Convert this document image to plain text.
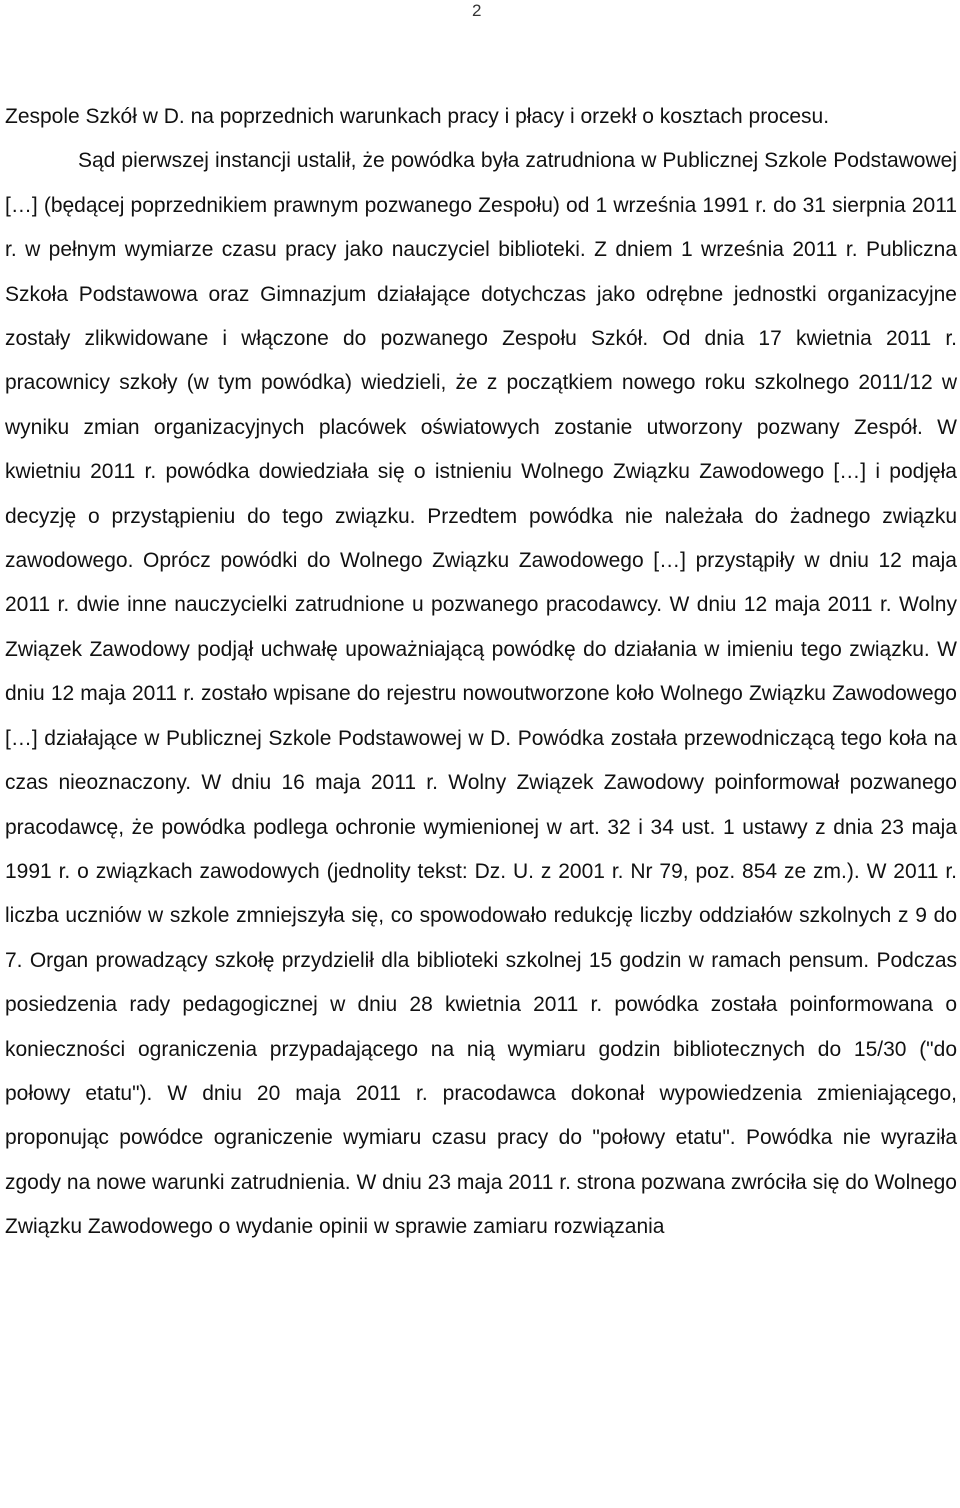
2

Zespole Szkół w D. na poprzednich warunkach pracy i płacy i orzekł o kosztach procesu.

Sąd pierwszej instancji ustalił, że powódka była zatrudniona w Publicznej Szkole Podstawowej […] (będącej poprzednikiem prawnym pozwanego Zespołu) od 1 września 1991 r. do 31 sierpnia 2011 r. w pełnym wymiarze czasu pracy jako nauczyciel biblioteki. Z dniem 1 września 2011 r. Publiczna Szkoła Podstawowa oraz Gimnazjum działające dotychczas jako odrębne jednostki organizacyjne zostały zlikwidowane i włączone do pozwanego Zespołu Szkół. Od dnia 17 kwietnia 2011 r. pracownicy szkoły (w tym powódka) wiedzieli, że z początkiem nowego roku szkolnego 2011/12 w wyniku zmian organizacyjnych placówek oświatowych zostanie utworzony pozwany Zespół. W kwietniu 2011 r. powódka dowiedziała się o istnieniu Wolnego Związku Zawodowego […] i podjęła decyzję o przystąpieniu do tego związku. Przedtem powódka nie należała do żadnego związku zawodowego. Oprócz powódki do Wolnego Związku Zawodowego […] przystąpiły w dniu 12 maja 2011 r. dwie inne nauczycielki zatrudnione u pozwanego pracodawcy. W dniu 12 maja 2011 r. Wolny Związek Zawodowy podjął uchwałę upoważniającą powódkę do działania w imieniu tego związku. W dniu 12 maja 2011 r. zostało wpisane do rejestru nowoutworzone koło Wolnego Związku Zawodowego […] działające w Publicznej Szkole Podstawowej w D. Powódka została przewodniczącą tego koła na czas nieoznaczony. W dniu 16 maja 2011 r. Wolny Związek Zawodowy poinformował pozwanego pracodawcę, że powódka podlega ochronie wymienionej w art. 32 i 34 ust. 1 ustawy z dnia 23 maja 1991 r. o związkach zawodowych (jednolity tekst: Dz. U. z 2001 r. Nr 79, poz. 854 ze zm.). W 2011 r. liczba uczniów w szkole zmniejszyła się, co spowodowało redukcję liczby oddziałów szkolnych z 9 do 7. Organ prowadzący szkołę przydzielił dla biblioteki szkolnej 15 godzin w ramach pensum. Podczas posiedzenia rady pedagogicznej w dniu 28 kwietnia 2011 r. powódka została poinformowana o konieczności ograniczenia przypadającego na nią wymiaru godzin bibliotecznych do 15/30 ("do połowy etatu"). W dniu 20 maja 2011 r. pracodawca dokonał wypowiedzenia zmieniającego, proponując powódce ograniczenie wymiaru czasu pracy do "połowy etatu". Powódka nie wyraziła zgody na nowe warunki zatrudnienia. W dniu 23 maja 2011 r. strona pozwana zwróciła się do Wolnego Związku Zawodowego o wydanie opinii w sprawie zamiaru rozwiązania
